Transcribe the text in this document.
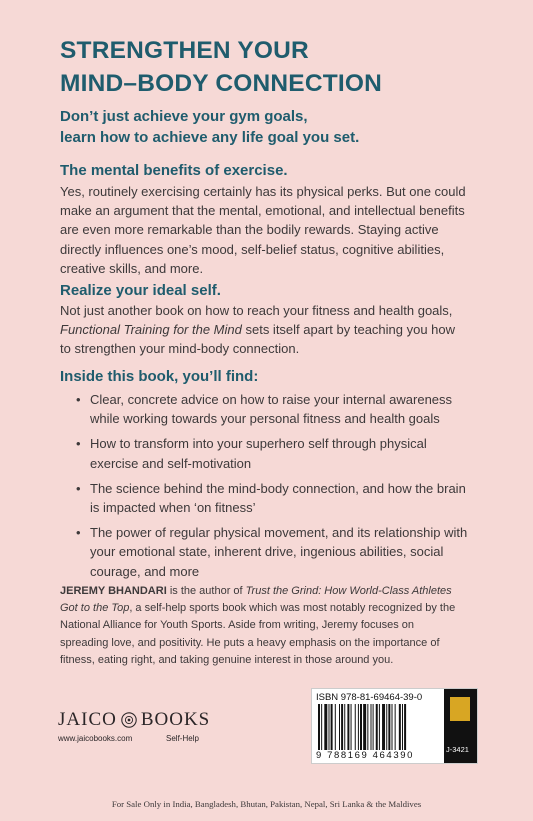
STRENGTHEN YOUR
MIND–BODY CONNECTION
Don’t just achieve your gym goals,
learn how to achieve any life goal you set.
The mental benefits of exercise.
Yes, routinely exercising certainly has its physical perks. But one could
make an argument that the mental, emotional, and intellectual benefits
are even more remarkable than the bodily rewards. Staying active
directly influences one’s mood, self-belief status, cognitive abilities,
creative skills, and more.
Realize your ideal self.
Not just another book on how to reach your fitness and health goals,
Functional Training for the Mind sets itself apart by teaching you how
to strengthen your mind-body connection.
Inside this book, you’ll find:
• Clear, concrete advice on how to raise your internal awareness
while working towards your personal fitness and health goals
• How to transform into your superhero self through physical
exercise and self-motivation
• The science behind the mind-body connection, and how the brain
is impacted when ‘on fitness’
• The power of regular physical movement, and its relationship with
your emotional state, inherent drive, ingenious abilities, social
courage, and more
JEREMY BHANDARI is the author of Trust the Grind: How World-Class Athletes
Got to the Top, a self-help sports book which was most notably recognized by the
National Alliance for Youth Sports. Aside from writing, Jeremy focuses on
spreading love, and positivity. He puts a heavy emphasis on the importance of
fitness, eating right, and taking genuine interest in those around you.
JAICO BOOKS
www.jaicobooks.com	Self-Help
ISBN 978-81-69464-39-0
9 788169 464390
J-3421
For Sale Only in India, Bangladesh, Bhutan, Pakistan, Nepal, Sri Lanka & the Maldives
